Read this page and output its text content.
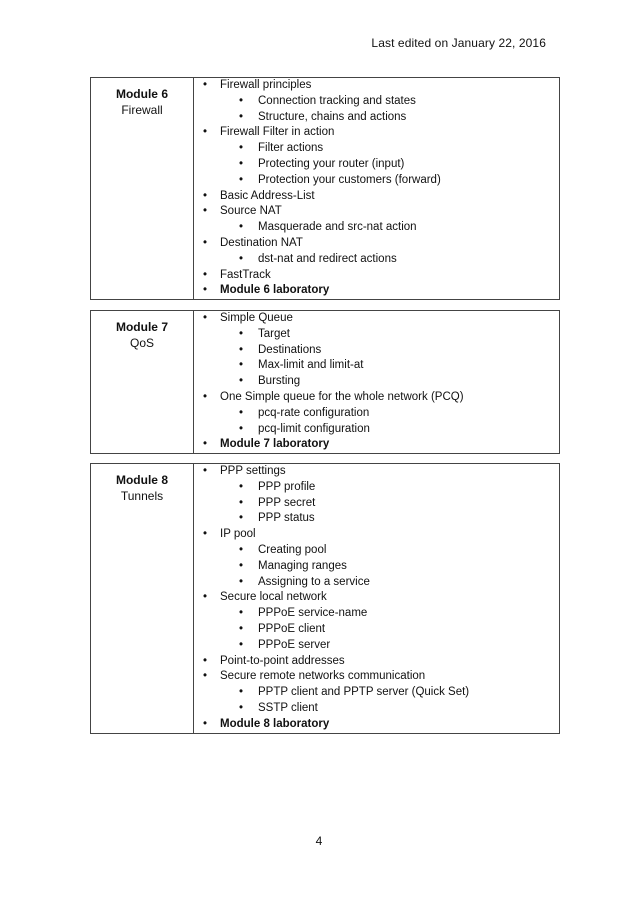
Last edited on January 22, 2016
Module 6
Firewall
• Firewall principles
• Connection tracking and states
• Structure, chains and actions
• Firewall Filter in action
• Filter actions
• Protecting your router (input)
• Protection your customers (forward)
• Basic Address-List
• Source NAT
• Masquerade and src-nat action
• Destination NAT
• dst-nat and redirect actions
• FastTrack
• Module 6 laboratory
Module 7
QoS
• Simple Queue
• Target
• Destinations
• Max-limit and limit-at
• Bursting
• One Simple queue for the whole network (PCQ)
• pcq-rate configuration
• pcq-limit configuration
• Module 7 laboratory
Module 8
Tunnels
• PPP settings
• PPP profile
• PPP secret
• PPP status
• IP pool
• Creating pool
• Managing ranges
• Assigning to a service
• Secure local network
• PPPoE service-name
• PPPoE client
• PPPoE server
• Point-to-point addresses
• Secure remote networks communication
• PPTP client and PPTP server (Quick Set)
• SSTP client
• Module 8 laboratory
4
